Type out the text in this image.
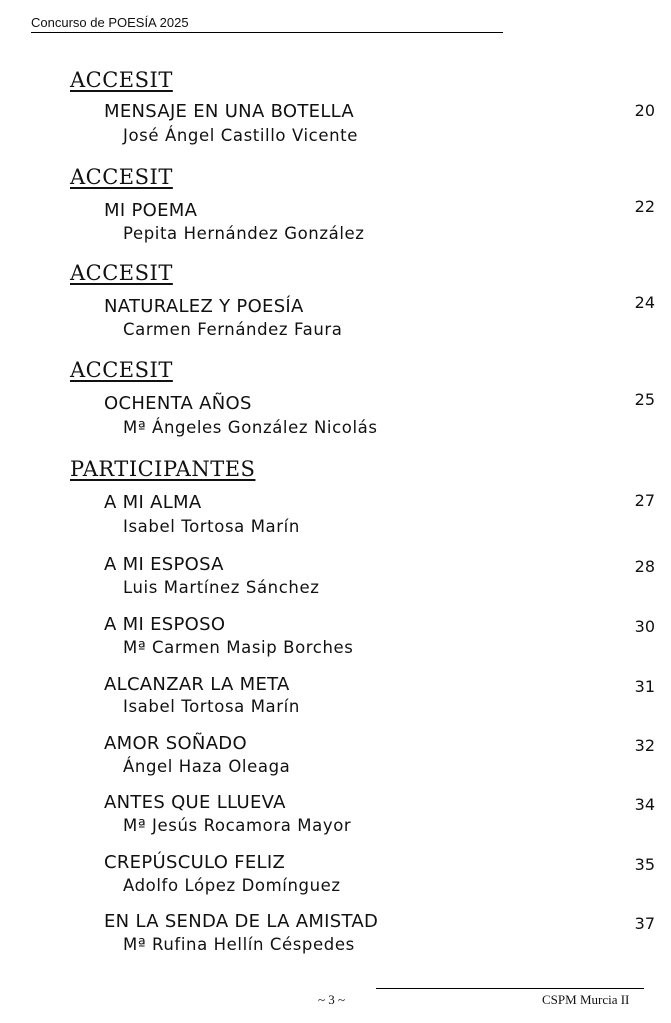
Concurso de POESÍA 2025
ACCESIT
MENSAJE EN UNA BOTELLA
José Ángel Castillo Vicente
20
ACCESIT
MI POEMA
Pepita Hernández González
22
ACCESIT
NATURALEZ Y POESÍA
Carmen Fernández Faura
24
ACCESIT
OCHENTA AÑOS
Mª Ángeles González Nicolás
25
PARTICIPANTES
A MI ALMA
Isabel Tortosa Marín
27
A MI ESPOSA
Luis Martínez Sánchez
28
A MI ESPOSO
Mª Carmen Masip Borches
30
ALCANZAR LA META
Isabel Tortosa Marín
31
AMOR SOÑADO
Ángel Haza Oleaga
32
ANTES QUE LLUEVA
Mª Jesús Rocamora Mayor
34
CREPÚSCULO FELIZ
Adolfo López Domínguez
35
EN LA SENDA DE LA AMISTAD
Mª Rufina Hellín Céspedes
37
~ 3 ~	CSPM Murcia II
